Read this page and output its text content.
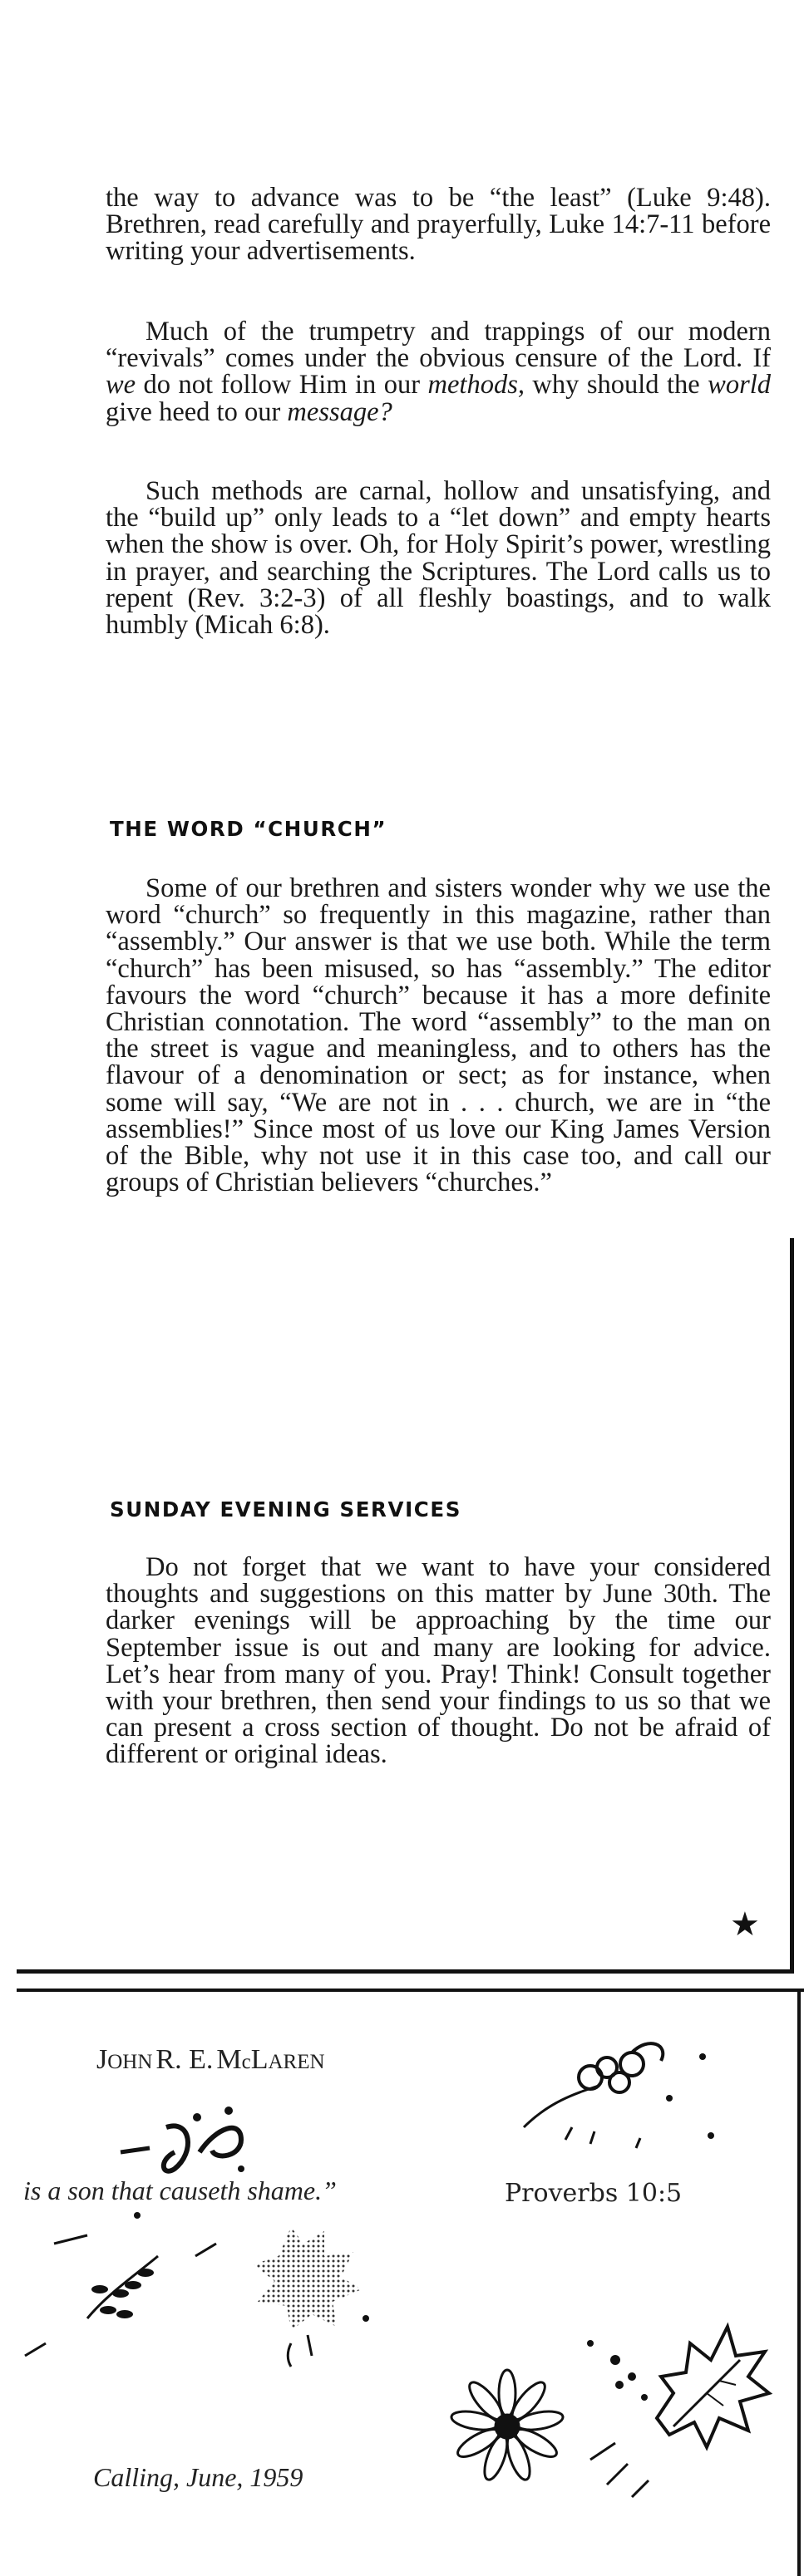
the way to advance was to be “the least” (Luke 9:48). Brethren, read carefully and prayerfully, Luke 14:7-11 before writing your advertisements.

Much of the trumpetry and trappings of our modern “revivals” comes under the obvious censure of the Lord. If we do not follow Him in our methods, why should the world give heed to our message?

Such methods are carnal, hollow and unsatisfying, and the “build up” only leads to a “let down” and empty hearts when the show is over. Oh, for Holy Spirit’s power, wrestling in prayer, and searching the Scriptures. The Lord calls us to repent (Rev. 3:2-3) of all fleshly boastings, and to walk humbly (Micah 6:8).

THE WORD “CHURCH”

Some of our brethren and sisters wonder why we use the word “church” so frequently in this magazine, rather than “assembly.” Our answer is that we use both. While the term “church” has been misused, so has “assembly.” The editor favours the word “church” because it has a more definite Christian connotation. The word “assembly” to the man on the street is vague and meaningless, and to others has the flavour of a denomination or sect; as for instance, when some will say, “We are not in . . . church, we are in “the assemblies!” Since most of us love our King James Version of the Bible, why not use it in this case too, and call our groups of Christian believers “churches.”

SUNDAY EVENING SERVICES

Do not forget that we want to have your considered thoughts and suggestions on this matter by June 30th. The darker evenings will be approaching by the time our September issue is out and many are looking for advice. Let’s hear from many of you. Pray! Think! Consult together with your brethren, then send your findings to us so that we can present a cross section of thought. Do not be afraid of different or original ideas.

★

JOHN R. E. McLAREN

is a son that causeth shame.”	Proverbs 10:5

Calling, June, 1959
